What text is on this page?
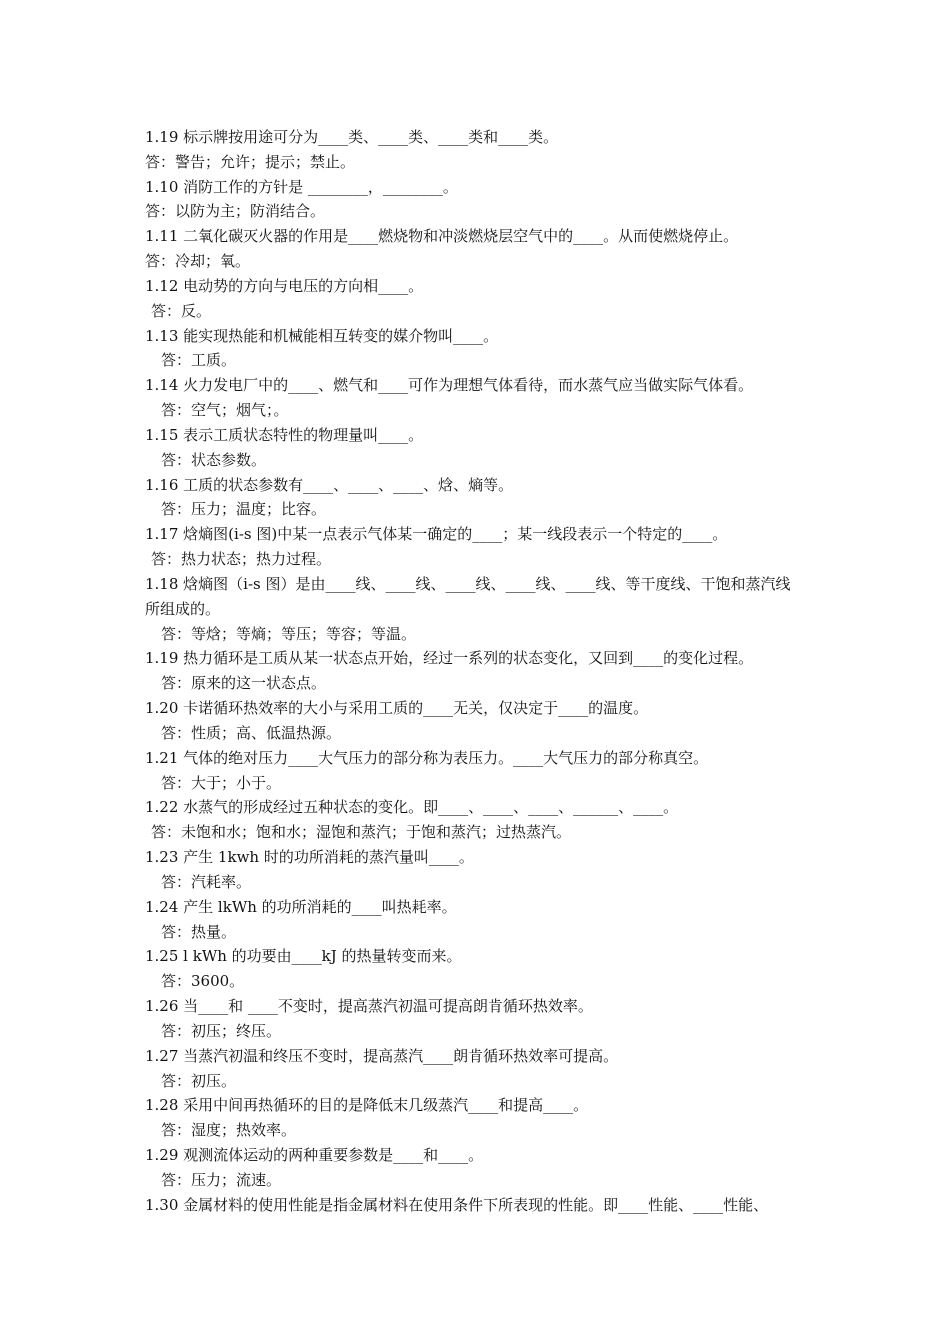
1.19 标示牌按用途可分为____类、____类、____类和____类。
答：警告；允许；提示；禁止。
1.10 消防工作的方针是 ________，________。
答：以防为主；防消结合。
1.11 二氧化碳灭火器的作用是____燃烧物和冲淡燃烧层空气中的____。从而使燃烧停止。
答：冷却；氧。
1.12 电动势的方向与电压的方向相____。
答：反。
1.13 能实现热能和机械能相互转变的媒介物叫____。
答：工质。
1.14 火力发电厂中的____、燃气和____可作为理想气体看待，而水蒸气应当做实际气体看。
答：空气；烟气；。
1.15 表示工质状态特性的物理量叫____。
答：状态参数。
1.16 工质的状态参数有____、____、____、焓、熵等。
答：压力；温度；比容。
1.17 焓熵图(i-s 图)中某一点表示气体某一确定的____；某一线段表示一个特定的____。
答：热力状态；热力过程。
1.18 焓熵图（i-s 图）是由____线、____线、____线、____线、____线、等干度线、干饱和蒸汽线
所组成的。
答：等焓；等熵；等压；等容；等温。
1.19 热力循环是工质从某一状态点开始，经过一系列的状态变化，又回到____的变化过程。
答：原来的这一状态点。
1.20 卡诺循环热效率的大小与采用工质的____无关，仅决定于____的温度。
答：性质；高、低温热源。
1.21 气体的绝对压力____大气压力的部分称为表压力。____大气压力的部分称真空。
答：大于；小于。
1.22 水蒸气的形成经过五种状态的变化。即____、____、____、______、____。
答：未饱和水；饱和水；湿饱和蒸汽；于饱和蒸汽；过热蒸汽。
1.23 产生 1kwh 时的功所消耗的蒸汽量叫____。
答：汽耗率。
1.24 产生 lkWh 的功所消耗的____叫热耗率。
答：热量。
1.25 l kWh 的功要由____kJ 的热量转变而来。
答：3600。
1.26 当____和 ____不变时，提高蒸汽初温可提高朗肯循环热效率。
答：初压；终压。
1.27 当蒸汽初温和终压不变时，提高蒸汽____朗肯循环热效率可提高。
答：初压。
1.28 采用中间再热循环的目的是降低末几级蒸汽____和提高____。
答：湿度；热效率。
1.29 观测流体运动的两种重要参数是____和____。
答：压力；流速。
1.30 金属材料的使用性能是指金属材料在使用条件下所表现的性能。即____性能、____性能、
